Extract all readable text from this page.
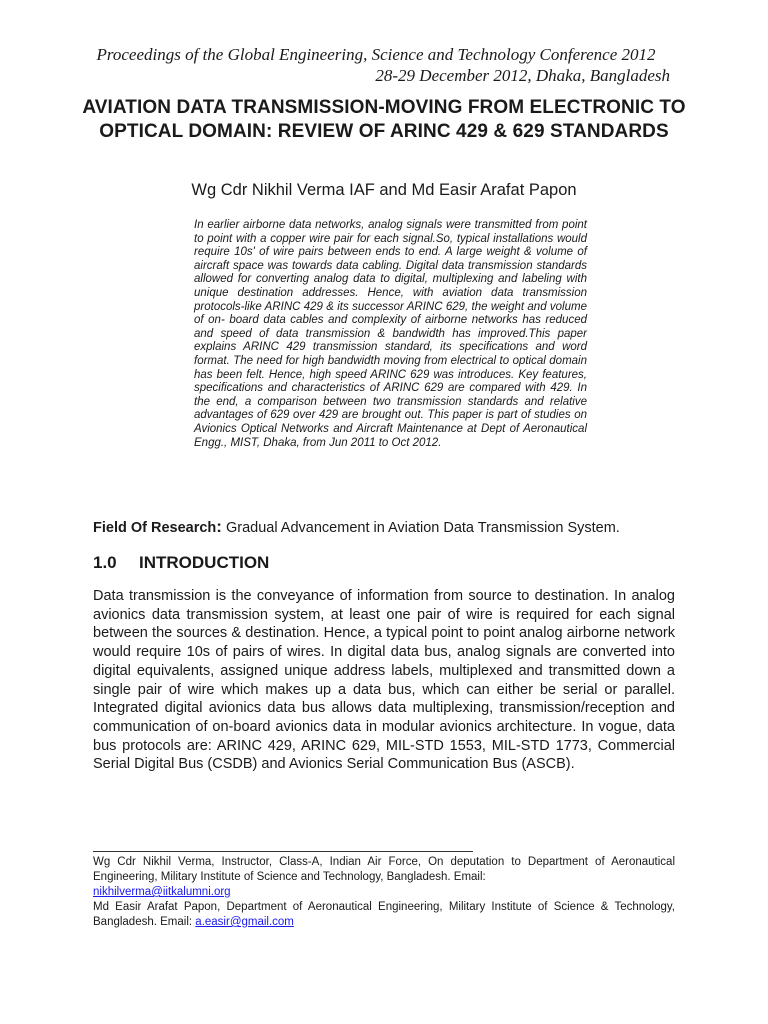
Proceedings of the Global Engineering, Science and Technology Conference 2012
28-29 December 2012, Dhaka, Bangladesh
AVIATION DATA TRANSMISSION-MOVING FROM ELECTRONIC TO OPTICAL DOMAIN: REVIEW OF ARINC 429 & 629 STANDARDS
Wg Cdr Nikhil Verma IAF and Md Easir Arafat Papon
In earlier airborne data networks, analog signals were transmitted from point to point with a copper wire pair for each signal.So, typical installations would require 10s' of wire pairs between ends to end. A large weight & volume of aircraft space was towards data cabling. Digital data transmission standards allowed for converting analog data to digital, multiplexing and labeling with unique destination addresses. Hence, with aviation data transmission protocols-like ARINC 429 & its successor ARINC 629, the weight and volume of on- board data cables and complexity of airborne networks has reduced and speed of data transmission & bandwidth has improved.This paper explains ARINC 429 transmission standard, its specifications and word format. The need for high bandwidth moving from electrical to optical domain has been felt. Hence, high speed ARINC 629 was introduces. Key features, specifications and characteristics of ARINC 629 are compared with 429. In the end, a comparison between two transmission standards and relative advantages of 629 over 429 are brought out. This paper is part of studies on Avionics Optical Networks and Aircraft Maintenance at Dept of Aeronautical Engg., MIST, Dhaka, from Jun 2011 to Oct 2012.
Field Of Research: Gradual Advancement in Aviation Data Transmission System.
1.0 INTRODUCTION
Data transmission is the conveyance of information from source to destination. In analog avionics data transmission system, at least one pair of wire is required for each signal between the sources & destination. Hence, a typical point to point analog airborne network would require 10s of pairs of wires. In digital data bus, analog signals are converted into digital equivalents, assigned unique address labels, multiplexed and transmitted down a single pair of wire which makes up a data bus, which can either be serial or parallel. Integrated digital avionics data bus allows data multiplexing, transmission/reception and communication of on-board avionics data in modular avionics architecture. In vogue, data bus protocols are: ARINC 429, ARINC 629, MIL-STD 1553, MIL-STD 1773, Commercial Serial Digital Bus (CSDB) and Avionics Serial Communication Bus (ASCB).
Wg Cdr Nikhil Verma, Instructor, Class-A, Indian Air Force, On deputation to Department of Aeronautical Engineering, Military Institute of Science and Technology, Bangladesh. Email:
nikhilverma@iitkalumni.org
Md Easir Arafat Papon, Department of Aeronautical Engineering, Military Institute of Science & Technology, Bangladesh. Email: a.easir@gmail.com
